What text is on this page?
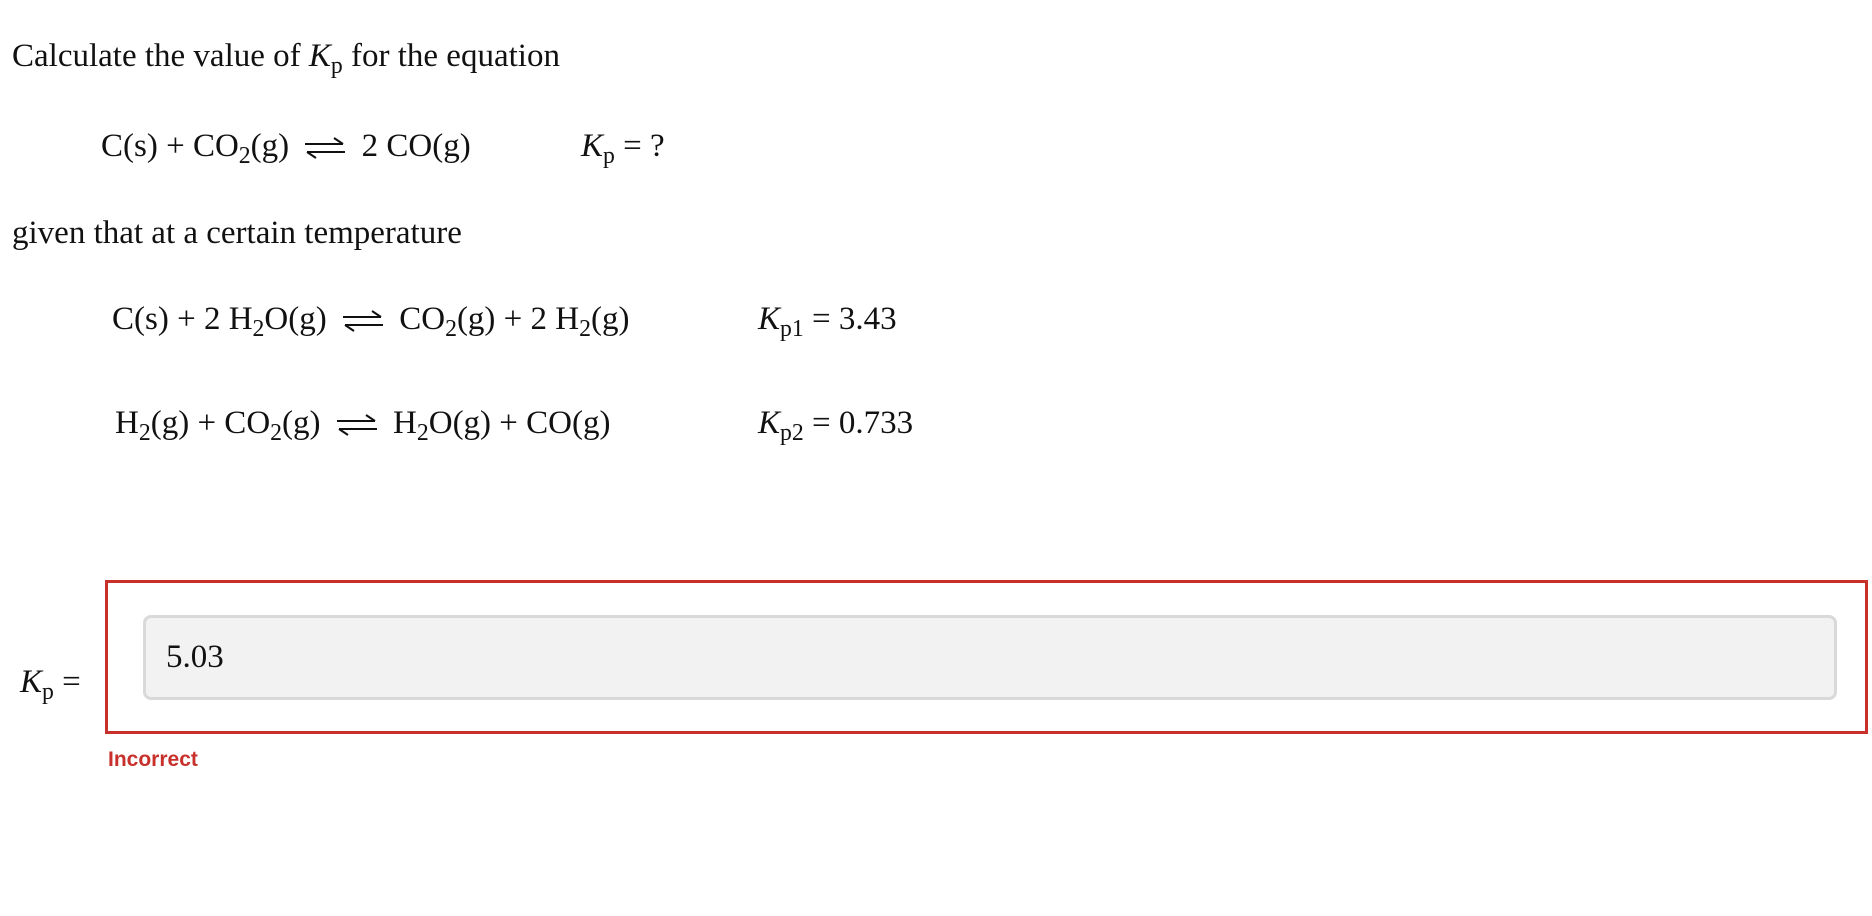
Calculate the value of $K_p$ for the equation
$C(s) + CO_2(g)$ ⇌ 2 CO(g)	$K_p$ = ?
given that at a certain temperature
C(s) + 2 $H_2O(g)$ ⇌ $CO_2(g) + 2$ $H_2(g)$	$K_{p1} = 3.43$
$H_2(g) + CO_2(g)$ ⇌ $H_2O(g) + CO(g)$	$K_{p2} = 0.733$
$K_p$ =
5.03
Incorrect
